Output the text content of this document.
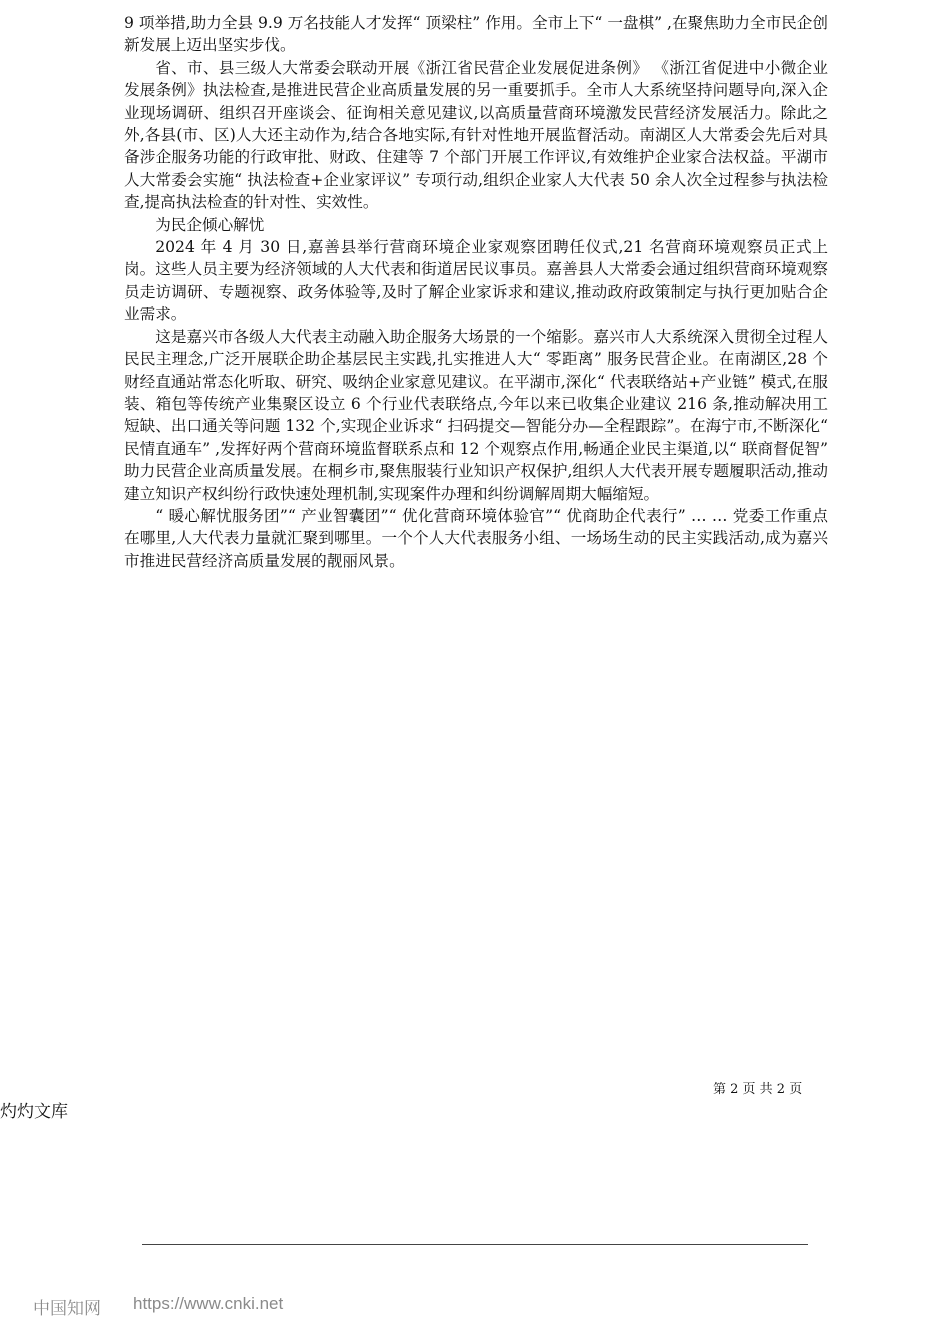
9 项举措,助力全县 9.9 万名技能人才发挥“ 顶梁柱” 作用。全市上下“ 一盘棋” ,在聚焦助力全市民企创新发展上迈出坚实步伐。

省、市、县三级人大常委会联动开展《浙江省民营企业发展促进条例》 《浙江省促进中小微企业发展条例》执法检查,是推进民营企业高质量发展的另一重要抓手。全市人大系统坚持问题导向,深入企业现场调研、组织召开座谈会、征询相关意见建议,以高质量营商环境激发民营经济发展活力。除此之外,各县(市、区)人大还主动作为,结合各地实际,有针对性地开展监督活动。南湖区人大常委会先后对具备涉企服务功能的行政审批、财政、住建等 7 个部门开展工作评议,有效维护企业家合法权益。平湖市人大常委会实施“ 执法检查+企业家评议” 专项行动,组织企业家人大代表 50 余人次全过程参与执法检查,提高执法检查的针对性、实效性。

为民企倾心解忧

2024 年 4 月 30 日,嘉善县举行营商环境企业家观察团聘任仪式,21 名营商环境观察员正式上岗。这些人员主要为经济领域的人大代表和街道居民议事员。嘉善县人大常委会通过组织营商环境观察员走访调研、专题视察、政务体验等,及时了解企业家诉求和建议,推动政府政策制定与执行更加贴合企业需求。

这是嘉兴市各级人大代表主动融入助企服务大场景的一个缩影。嘉兴市人大系统深入贯彻全过程人民民主理念,广泛开展联企助企基层民主实践,扎实推进人大“ 零距离” 服务民营企业。在南湖区,28 个财经直通站常态化听取、研究、吸纳企业家意见建议。在平湖市,深化“ 代表联络站+产业链” 模式,在服装、箱包等传统产业集聚区设立 6 个行业代表联络点,今年以来已收集企业建议 216 条,推动解决用工短缺、出口通关等问题 132 个,实现企业诉求“ 扫码提交—智能分办—全程跟踪”。在海宁市,不断深化“ 民情直通车” ,发挥好两个营商环境监督联系点和 12 个观察点作用,畅通企业民主渠道,以“ 联商督促智” 助力民营企业高质量发展。在桐乡市,聚焦服装行业知识产权保护,组织人大代表开展专题履职活动,推动建立知识产权纠纷行政快速处理机制,实现案件办理和纠纷调解周期大幅缩短。

“ 暖心解忧服务团”“ 产业智囊团”“ 优化营商环境体验官”“ 优商助企代表行” … … 党委工作重点在哪里,人大代表力量就汇聚到哪里。一个个人大代表服务小组、一场场生动的民主实践活动,成为嘉兴市推进民营经济高质量发展的靓丽风景。

第 2 页 共 2 页
灼灼文库
中国知网 https://www.cnki.net
